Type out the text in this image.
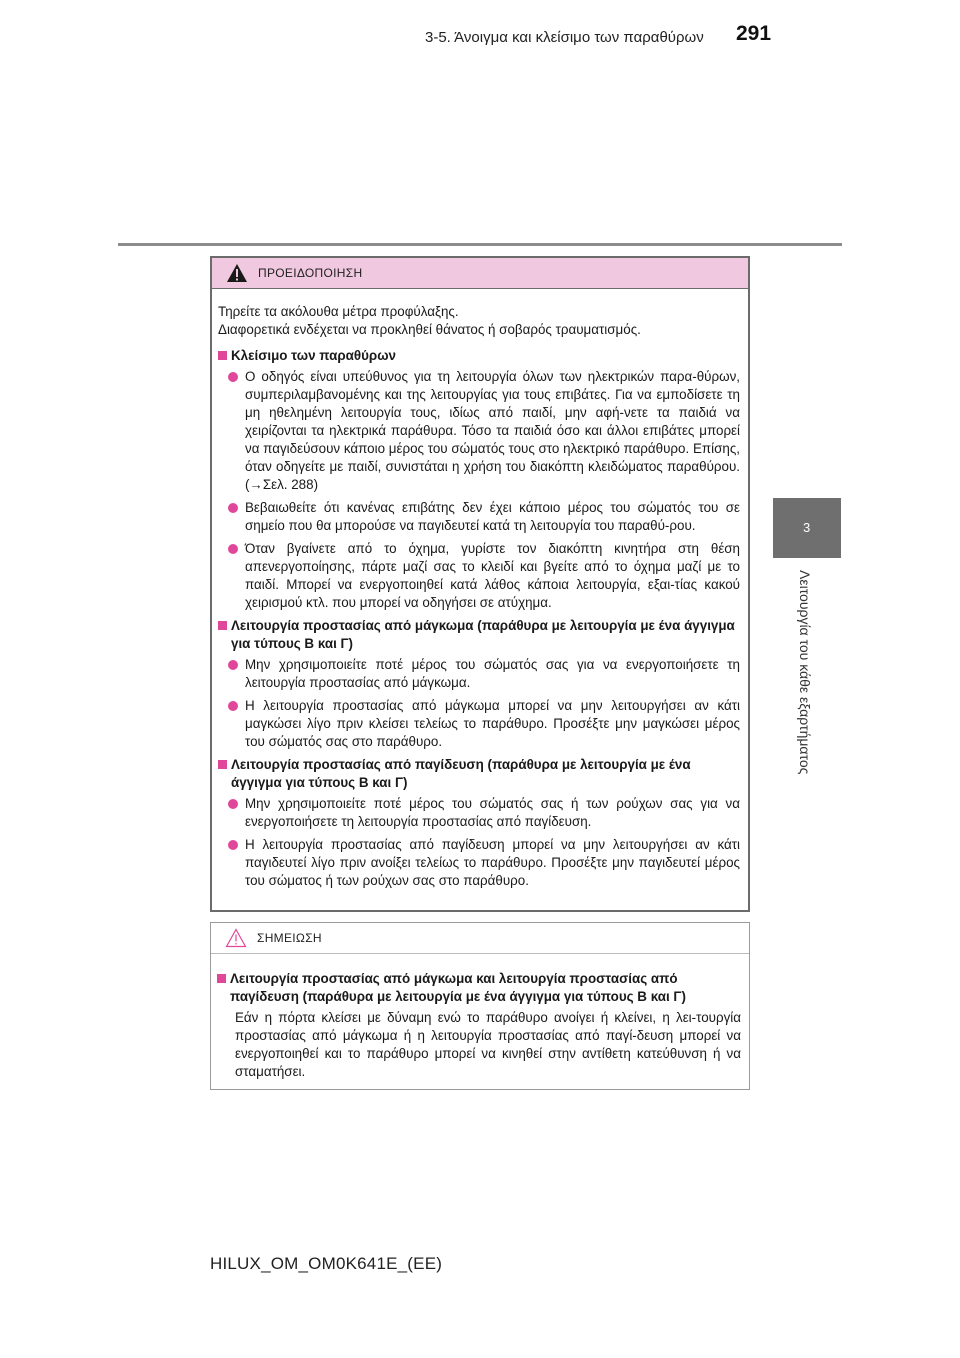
3-5. Άνοιγμα και κλείσιμο των παραθύρων 291
3
Λειτουργία του κάθε εξαρτήματος
ΠΡΟΕΙΔΟΠΟΙΗΣΗ
Τηρείτε τα ακόλουθα μέτρα προφύλαξης.
Διαφορετικά ενδέχεται να προκληθεί θάνατος ή σοβαρός τραυματισμός.
Κλείσιμο των παραθύρων
Ο οδηγός είναι υπεύθυνος για τη λειτουργία όλων των ηλεκτρικών παρα-θύρων, συμπεριλαμβανομένης και της λειτουργίας για τους επιβάτες. Για να εμποδίσετε τη μη ηθελημένη λειτουργία τους, ιδίως από παιδί, μην αφή-νετε τα παιδιά να χειρίζονται τα ηλεκτρικά παράθυρα. Τόσο τα παιδιά όσο και άλλοι επιβάτες μπορεί να παγιδεύσουν κάποιο μέρος του σώματός τους στο ηλεκτρικό παράθυρο. Επίσης, όταν οδηγείτε με παιδί, συνιστάται η χρήση του διακόπτη κλειδώματος παραθύρου. (→Σελ. 288)
Βεβαιωθείτε ότι κανένας επιβάτης δεν έχει κάποιο μέρος του σώματός του σε σημείο που θα μπορούσε να παγιδευτεί κατά τη λειτουργία του παραθύ-ρου.
Όταν βγαίνετε από το όχημα, γυρίστε τον διακόπτη κινητήρα στη θέση απενεργοποίησης, πάρτε μαζί σας το κλειδί και βγείτε από το όχημα μαζί με το παιδί. Μπορεί να ενεργοποιηθεί κατά λάθος κάποια λειτουργία, εξαι-τίας κακού χειρισμού κτλ. που μπορεί να οδηγήσει σε ατύχημα.
Λειτουργία προστασίας από μάγκωμα (παράθυρα με λειτουργία με ένα άγγιγμα για τύπους B και Γ)
Μην χρησιμοποιείτε ποτέ μέρος του σώματός σας για να ενεργοποιήσετε τη λειτουργία προστασίας από μάγκωμα.
Η λειτουργία προστασίας από μάγκωμα μπορεί να μην λειτουργήσει αν κάτι μαγκώσει λίγο πριν κλείσει τελείως το παράθυρο. Προσέξτε μην μαγκώσει μέρος του σώματός σας στο παράθυρο.
Λειτουργία προστασίας από παγίδευση (παράθυρα με λειτουργία με ένα άγγιγμα για τύπους B και Γ)
Μην χρησιμοποιείτε ποτέ μέρος του σώματός σας ή των ρούχων σας για να ενεργοποιήσετε τη λειτουργία προστασίας από παγίδευση.
Η λειτουργία προστασίας από παγίδευση μπορεί να μην λειτουργήσει αν κάτι παγιδευτεί λίγο πριν ανοίξει τελείως το παράθυρο. Προσέξτε μην παγιδευτεί μέρος του σώματος ή των ρούχων σας στο παράθυρο.
ΣΗΜΕΙΩΣΗ
Λειτουργία προστασίας από μάγκωμα και λειτουργία προστασίας από παγίδευση (παράθυρα με λειτουργία με ένα άγγιγμα για τύπους B και Γ)
Εάν η πόρτα κλείσει με δύναμη ενώ το παράθυρο ανοίγει ή κλείνει, η λει-τουργία προστασίας από μάγκωμα ή η λειτουργία προστασίας από παγί-δευση μπορεί να ενεργοποιηθεί και το παράθυρο μπορεί να κινηθεί στην αντίθετη κατεύθυνση ή να σταματήσει.
HILUX_OM_OM0K641E_(EE)
